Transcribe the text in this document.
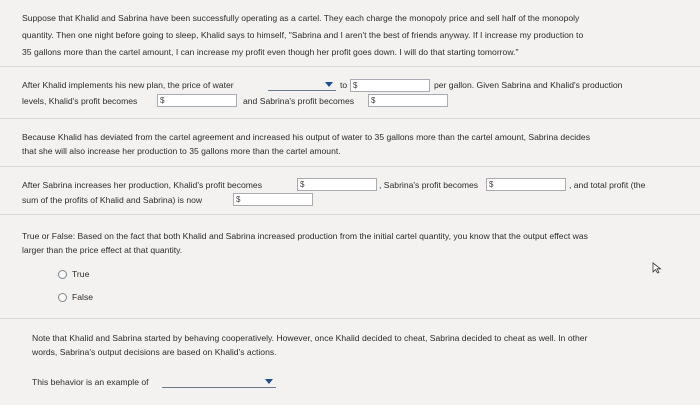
Suppose that Khalid and Sabrina have been successfully operating as a cartel. They each charge the monopoly price and sell half of the monopoly
quantity. Then one night before going to sleep, Khalid says to himself, "Sabrina and I aren't the best of friends anyway. If I increase my production to
35 gallons more than the cartel amount, I can increase my profit even though her profit goes down. I will do that starting tomorrow."
After Khalid implements his new plan, the price of water	to $	per gallon. Given Sabrina and Khalid's production
levels, Khalid's profit becomes	$	and Sabrina's profit becomes $
Because Khalid has deviated from the cartel agreement and increased his output of water to 35 gallons more than the cartel amount, Sabrina decides
that she will also increase her production to 35 gallons more than the cartel amount.
After Sabrina increases her production, Khalid's profit becomes	$	, Sabrina's profit becomes $	, and total profit (the
sum of the profits of Khalid and Sabrina) is now	$
True or False: Based on the fact that both Khalid and Sabrina increased production from the initial cartel quantity, you know that the output effect was
larger than the price effect at that quantity.
True
False
Note that Khalid and Sabrina started by behaving cooperatively. However, once Khalid decided to cheat, Sabrina decided to cheat as well. In other
words, Sabrina's output decisions are based on Khalid's actions.
This behavior is an example of
